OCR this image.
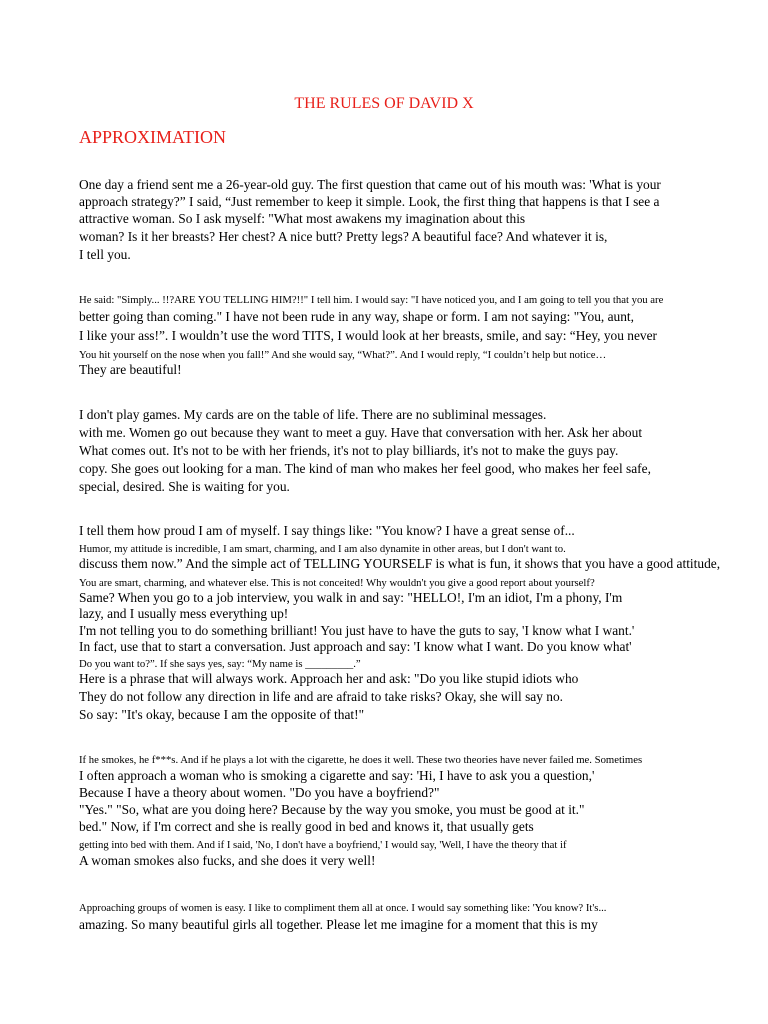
THE RULES OF DAVID X
APPROXIMATION
One day a friend sent me a 26-year-old guy. The first question that came out of his mouth was: 'What is your
approach strategy?” I said, “Just remember to keep it simple. Look, the first thing that happens is that I see a
attractive woman. So I ask myself: "What most awakens my imagination about this
woman? Is it her breasts? Her chest? A nice butt? Pretty legs? A beautiful face? And whatever it is,
I tell you.
He said: "Simply... !!?ARE YOU TELLING HIM?!!" I tell him. I would say: "I have noticed you, and I am going to tell you that you are
better going than coming." I have not been rude in any way, shape or form. I am not saying: "You, aunt,
I like your ass!”. I wouldn’t use the word TITS, I would look at her breasts, smile, and say: “Hey, you never
You hit yourself on the nose when you fall!” And she would say, “What?”. And I would reply, “I couldn’t help but notice…
They are beautiful!
I don't play games. My cards are on the table of life. There are no subliminal messages.
with me. Women go out because they want to meet a guy. Have that conversation with her. Ask her about
What comes out. It's not to be with her friends, it's not to play billiards, it's not to make the guys pay.
copy. She goes out looking for a man. The kind of man who makes her feel good, who makes her feel safe,
special, desired. She is waiting for you.
I tell them how proud I am of myself. I say things like: "You know? I have a great sense of...
Humor, my attitude is incredible, I am smart, charming, and I am also dynamite in other areas, but I don't want to.
discuss them now.” And the simple act of TELLING YOURSELF is what is fun, it shows that you have a good attitude,
You are smart, charming, and whatever else. This is not conceited! Why wouldn't you give a good report about yourself?
Same? When you go to a job interview, you walk in and say: "HELLO!, I'm an idiot, I'm a phony, I'm
lazy, and I usually mess everything up!
I'm not telling you to do something brilliant! You just have to have the guts to say, 'I know what I want.'
In fact, use that to start a conversation. Just approach and say: 'I know what I want. Do you know what'
Do you want to?”. If she says yes, say: “My name is _________.”
Here is a phrase that will always work. Approach her and ask: "Do you like stupid idiots who
They do not follow any direction in life and are afraid to take risks? Okay, she will say no.
So say: "It's okay, because I am the opposite of that!"
If he smokes, he f***s. And if he plays a lot with the cigarette, he does it well. These two theories have never failed me. Sometimes
I often approach a woman who is smoking a cigarette and say: 'Hi, I have to ask you a question,'
Because I have a theory about women. "Do you have a boyfriend?"
"Yes." "So, what are you doing here? Because by the way you smoke, you must be good at it."
bed." Now, if I'm correct and she is really good in bed and knows it, that usually gets
getting into bed with them. And if I said, 'No, I don't have a boyfriend,' I would say, 'Well, I have the theory that if
A woman smokes also fucks, and she does it very well!
Approaching groups of women is easy. I like to compliment them all at once. I would say something like: 'You know? It's...
amazing. So many beautiful girls all together. Please let me imagine for a moment that this is my
